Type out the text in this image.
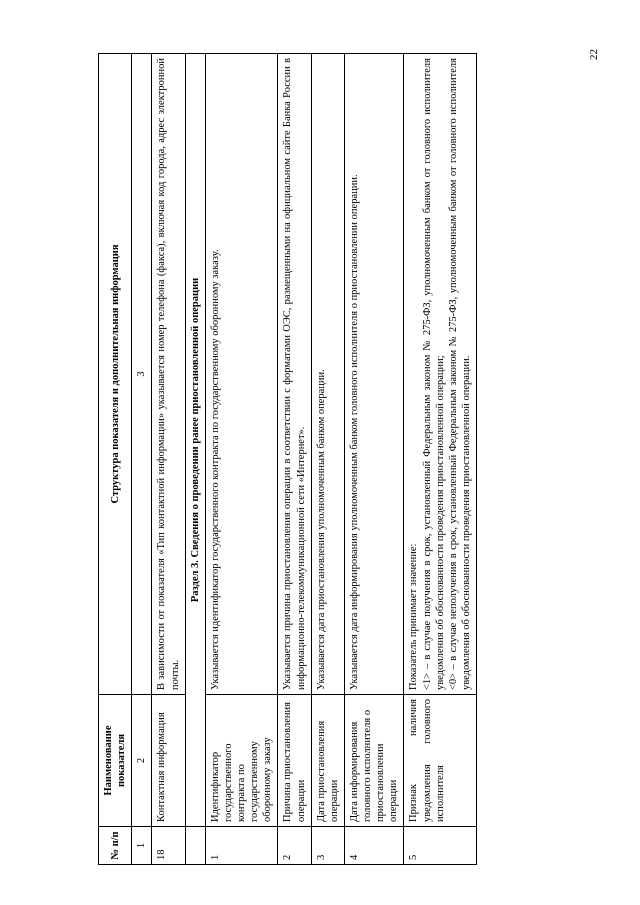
22
№ п/п	Наименование показателя	Структура показателя и дополнительная информация
1	2	3
18	Контактная информация	В зависимости от показателя «Тип контактной информации» указывается номер телефона (факса), включая код города, адрес электронной почты.
	Раздел 3. Сведения о проведении ранее приостановленной операции	
1	Идентификатор государственного контракта по государственному оборонному заказу	Указывается идентификатор государственного контракта по государственному оборонному заказу.
2	Причина приостановления операции	Указывается причина приостановления операции в соответствии с форматами ОЭС, размещенными на официальном сайте Банка России в информационно-телекоммуникационной сети «Интернет».
3	Дата приостановления операции	Указывается дата приостановления уполномоченным банком операции.
4	Дата информирования головного исполнителя о приостановлении операции	Указывается дата информирования уполномоченным банком головного исполнителя о приостановлении операции.
5	Признак наличия уведомления головного исполнителя	Показатель принимает значение: <1> – в случае получения в срок, установленный Федеральным законом № 275-ФЗ, уполномоченным банком от головного исполнителя уведомления об обоснованности проведения приостановленной операции; <0> – в случае неполучения в срок, установленный Федеральным законом № 275-ФЗ, уполномоченным банком от головного исполнителя уведомления об обоснованности проведения приостановленной операции.
